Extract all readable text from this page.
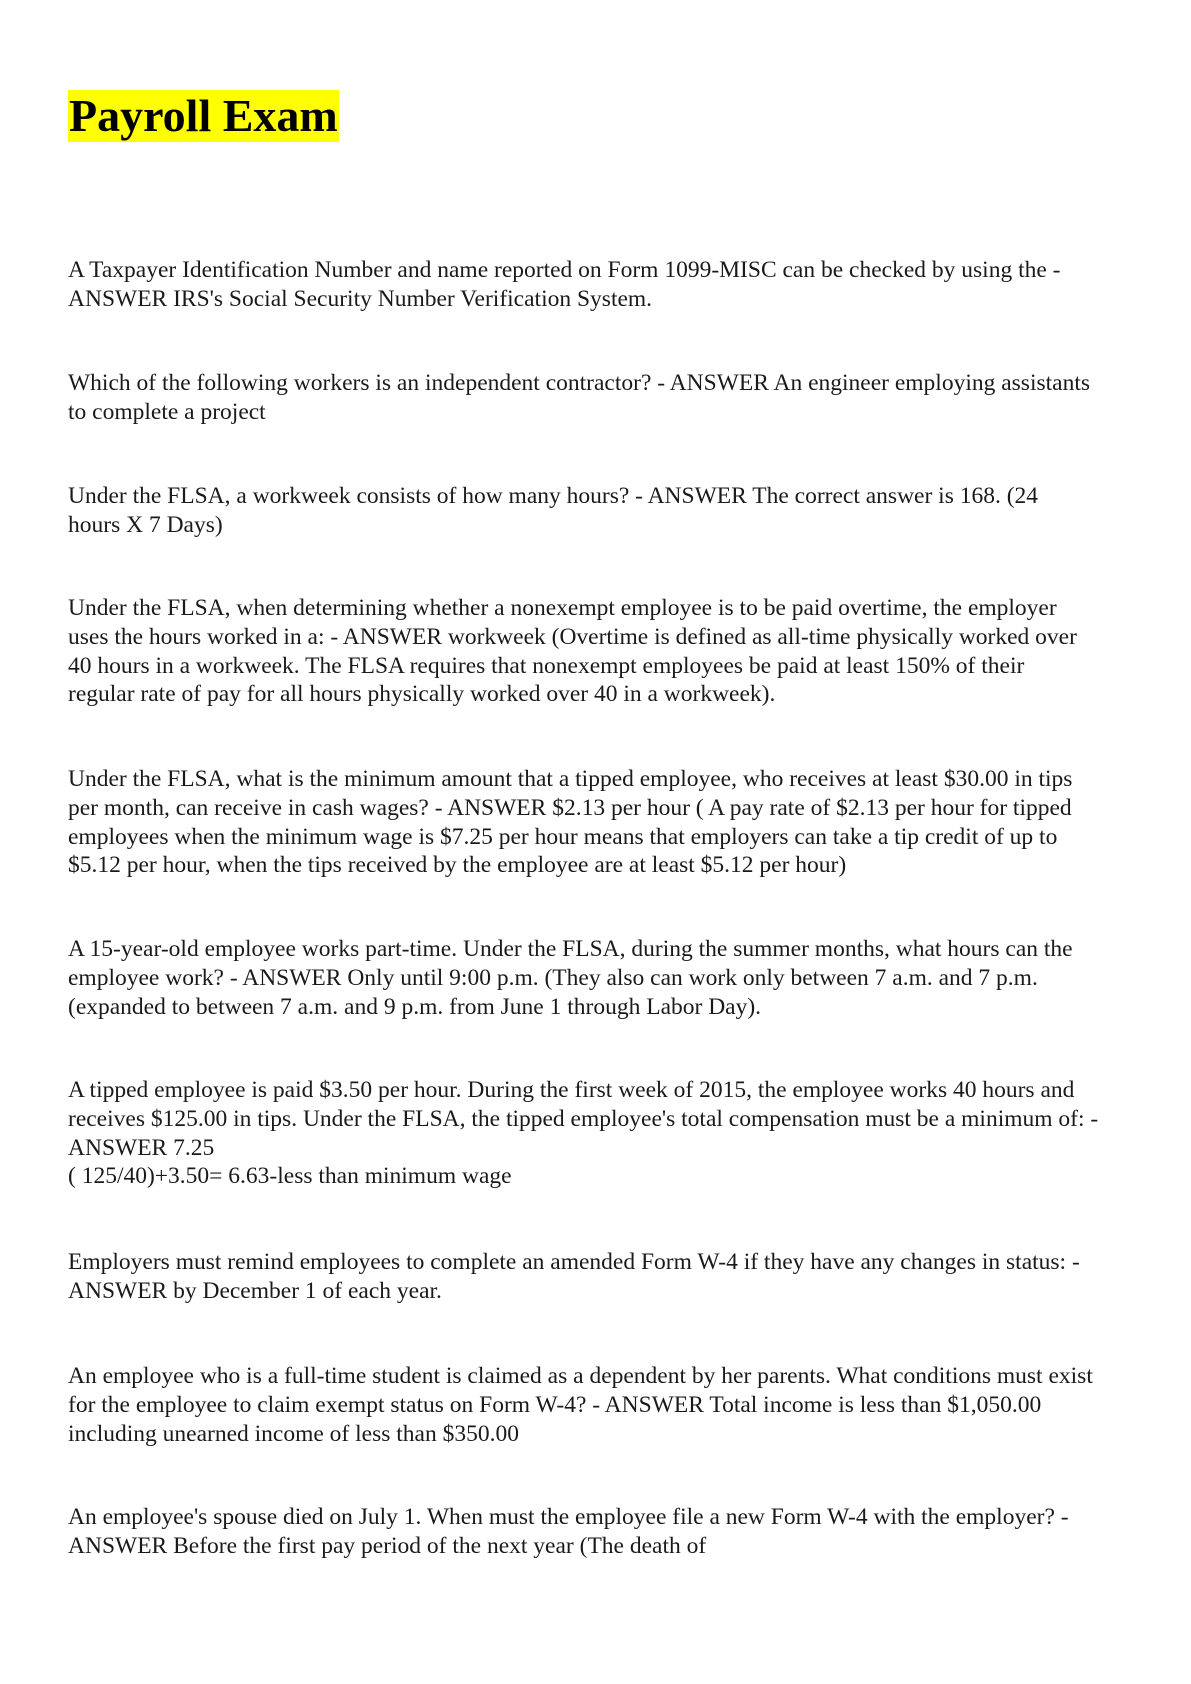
Payroll Exam

A Taxpayer Identification Number and name reported on Form 1099-MISC can be checked by using the -
ANSWER IRS's Social Security Number Verification System.

Which of the following workers is an independent contractor? - ANSWER An engineer employing assistants
to complete a project

Under the FLSA, a workweek consists of how many hours? - ANSWER The correct answer is 168. (24
hours X 7 Days)

Under the FLSA, when determining whether a nonexempt employee is to be paid overtime, the employer
uses the hours worked in a: - ANSWER workweek (Overtime is defined as all-time physically worked over
40 hours in a workweek. The FLSA requires that nonexempt employees be paid at least 150% of their
regular rate of pay for all hours physically worked over 40 in a workweek).

Under the FLSA, what is the minimum amount that a tipped employee, who receives at least $30.00 in tips
per month, can receive in cash wages? - ANSWER $2.13 per hour ( A pay rate of $2.13 per hour for tipped
employees when the minimum wage is $7.25 per hour means that employers can take a tip credit of up to
$5.12 per hour, when the tips received by the employee are at least $5.12 per hour)

A 15-year-old employee works part-time. Under the FLSA, during the summer months, what hours can the
employee work? - ANSWER Only until 9:00 p.m. (They also can work only between 7 a.m. and 7 p.m.
(expanded to between 7 a.m. and 9 p.m. from June 1 through Labor Day).

A tipped employee is paid $3.50 per hour. During the first week of 2015, the employee works 40 hours and
receives $125.00 in tips. Under the FLSA, the tipped employee's total compensation must be a minimum of: -
ANSWER 7.25

( 125/40)+3.50= 6.63-less than minimum wage

Employers must remind employees to complete an amended Form W-4 if they have any changes in status: -
ANSWER by December 1 of each year.

An employee who is a full-time student is claimed as a dependent by her parents. What conditions must exist
for the employee to claim exempt status on Form W-4? - ANSWER Total income is less than $1,050.00
including unearned income of less than $350.00

An employee's spouse died on July 1. When must the employee file a new Form W-4 with the employer? -
ANSWER Before the first pay period of the next year (The death of
